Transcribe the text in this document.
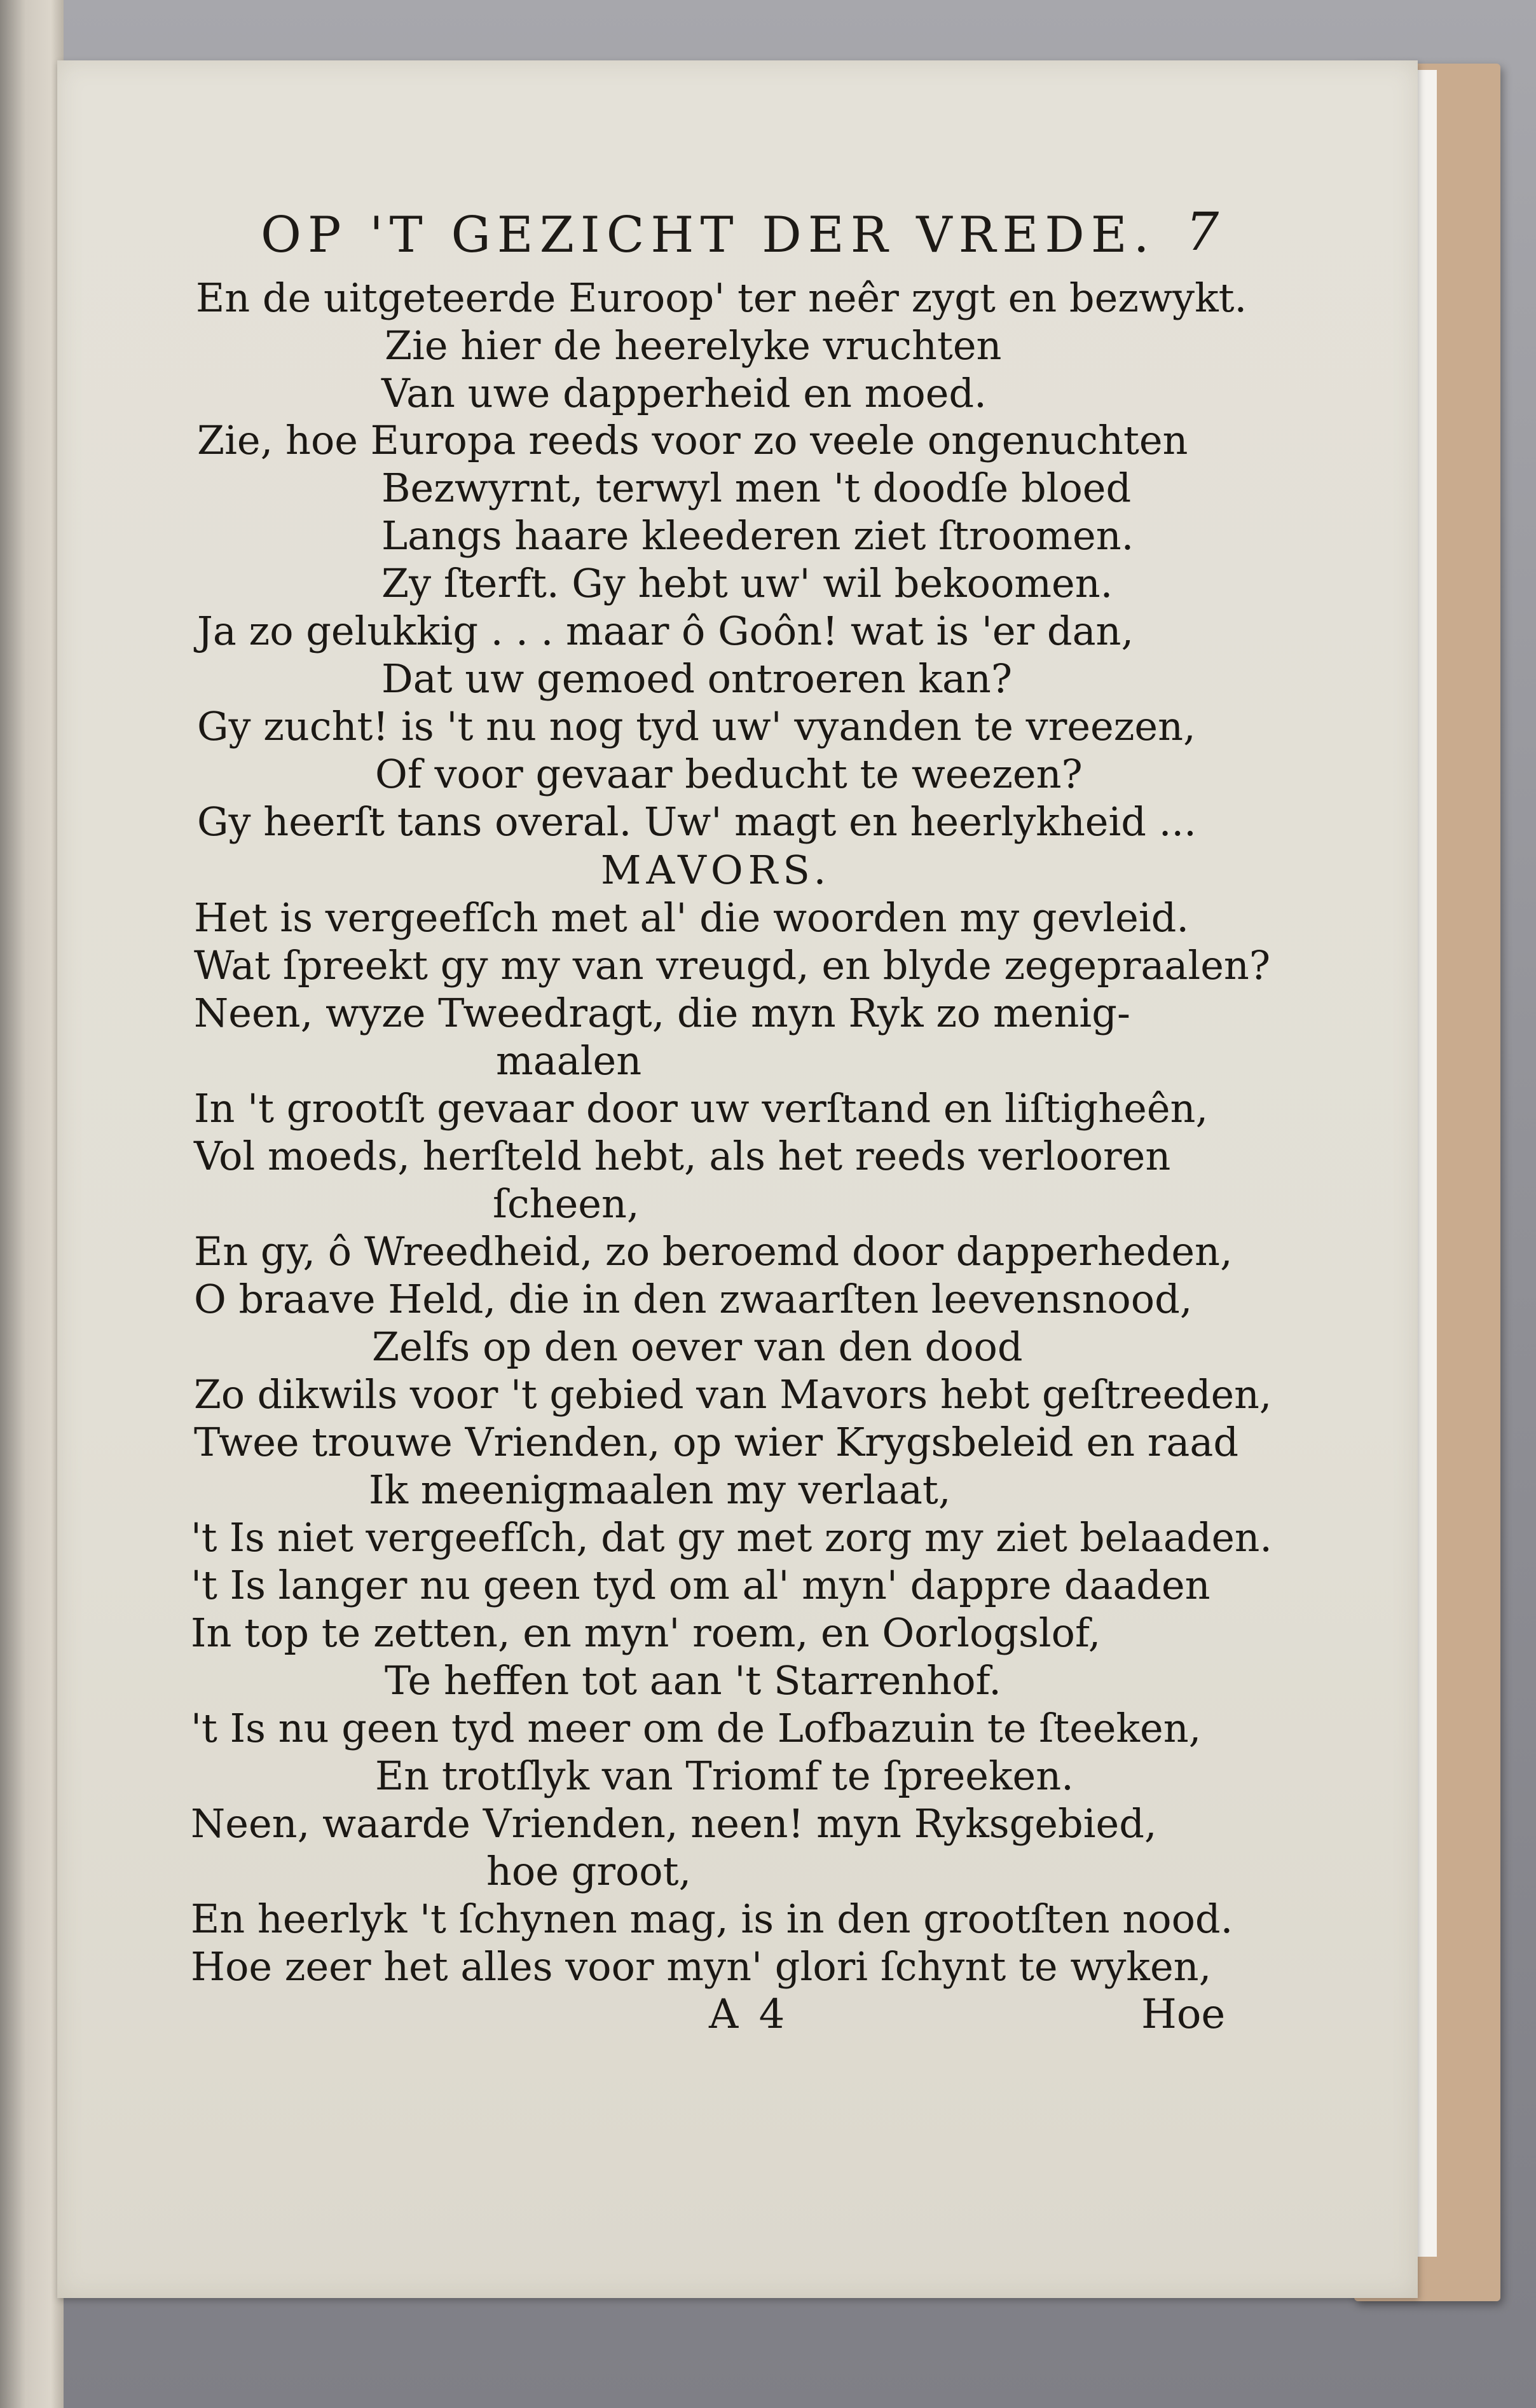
OP 'T GEZICHT DER VREDE. 7
En de uitgeteerde Euroop' ter neêr zygt en bezwykt.
Zie hier de heerelyke vruchten
Van uwe dapperheid en moed.
Zie, hoe Europa reeds voor zo veele ongenuchten
Bezwyrnt, terwyl men 't doodſe bloed
Langs haare kleederen ziet ſtroomen.
Zy ſterft. Gy hebt uw' wil bekoomen.
Ja zo gelukkig . . . maar ô Goôn! wat is 'er dan,
Dat uw gemoed ontroeren kan?
Gy zucht! is 't nu nog tyd uw' vyanden te vreezen,
Of voor gevaar beducht te weezen?
Gy heerſt tans overal. Uw' magt en heerlykheid ...
MAVORS.
Het is vergeefſch met al' die woorden my gevleid.
Wat ſpreekt gy my van vreugd, en blyde zegepraalen?
Neen, wyze Tweedragt, die myn Ryk zo menig-
maalen
In 't grootſt gevaar door uw verſtand en liſtigheên,
Vol moeds, herſteld hebt, als het reeds verlooren
ſcheen,
En gy, ô Wreedheid, zo beroemd door dapperheden,
O braave Held, die in den zwaarſten leevensnood,
Zelfs op den oever van den dood
Zo dikwils voor 't gebied van Mavors hebt geſtreeden,
Twee trouwe Vrienden, op wier Krygsbeleid en raad
Ik meenigmaalen my verlaat,
't Is niet vergeefſch, dat gy met zorg my ziet belaaden.
't Is langer nu geen tyd om al' myn' dappre daaden
In top te zetten, en myn' roem, en Oorlogslof,
Te heffen tot aan 't Starrenhof.
't Is nu geen tyd meer om de Lofbazuin te ſteeken,
En trotſlyk van Triomf te ſpreeken.
Neen, waarde Vrienden, neen! myn Ryksgebied,
hoe groot,
En heerlyk 't ſchynen mag, is in den grootſten nood.
Hoe zeer het alles voor myn' glori ſchynt te wyken,
A 4	Hoe
